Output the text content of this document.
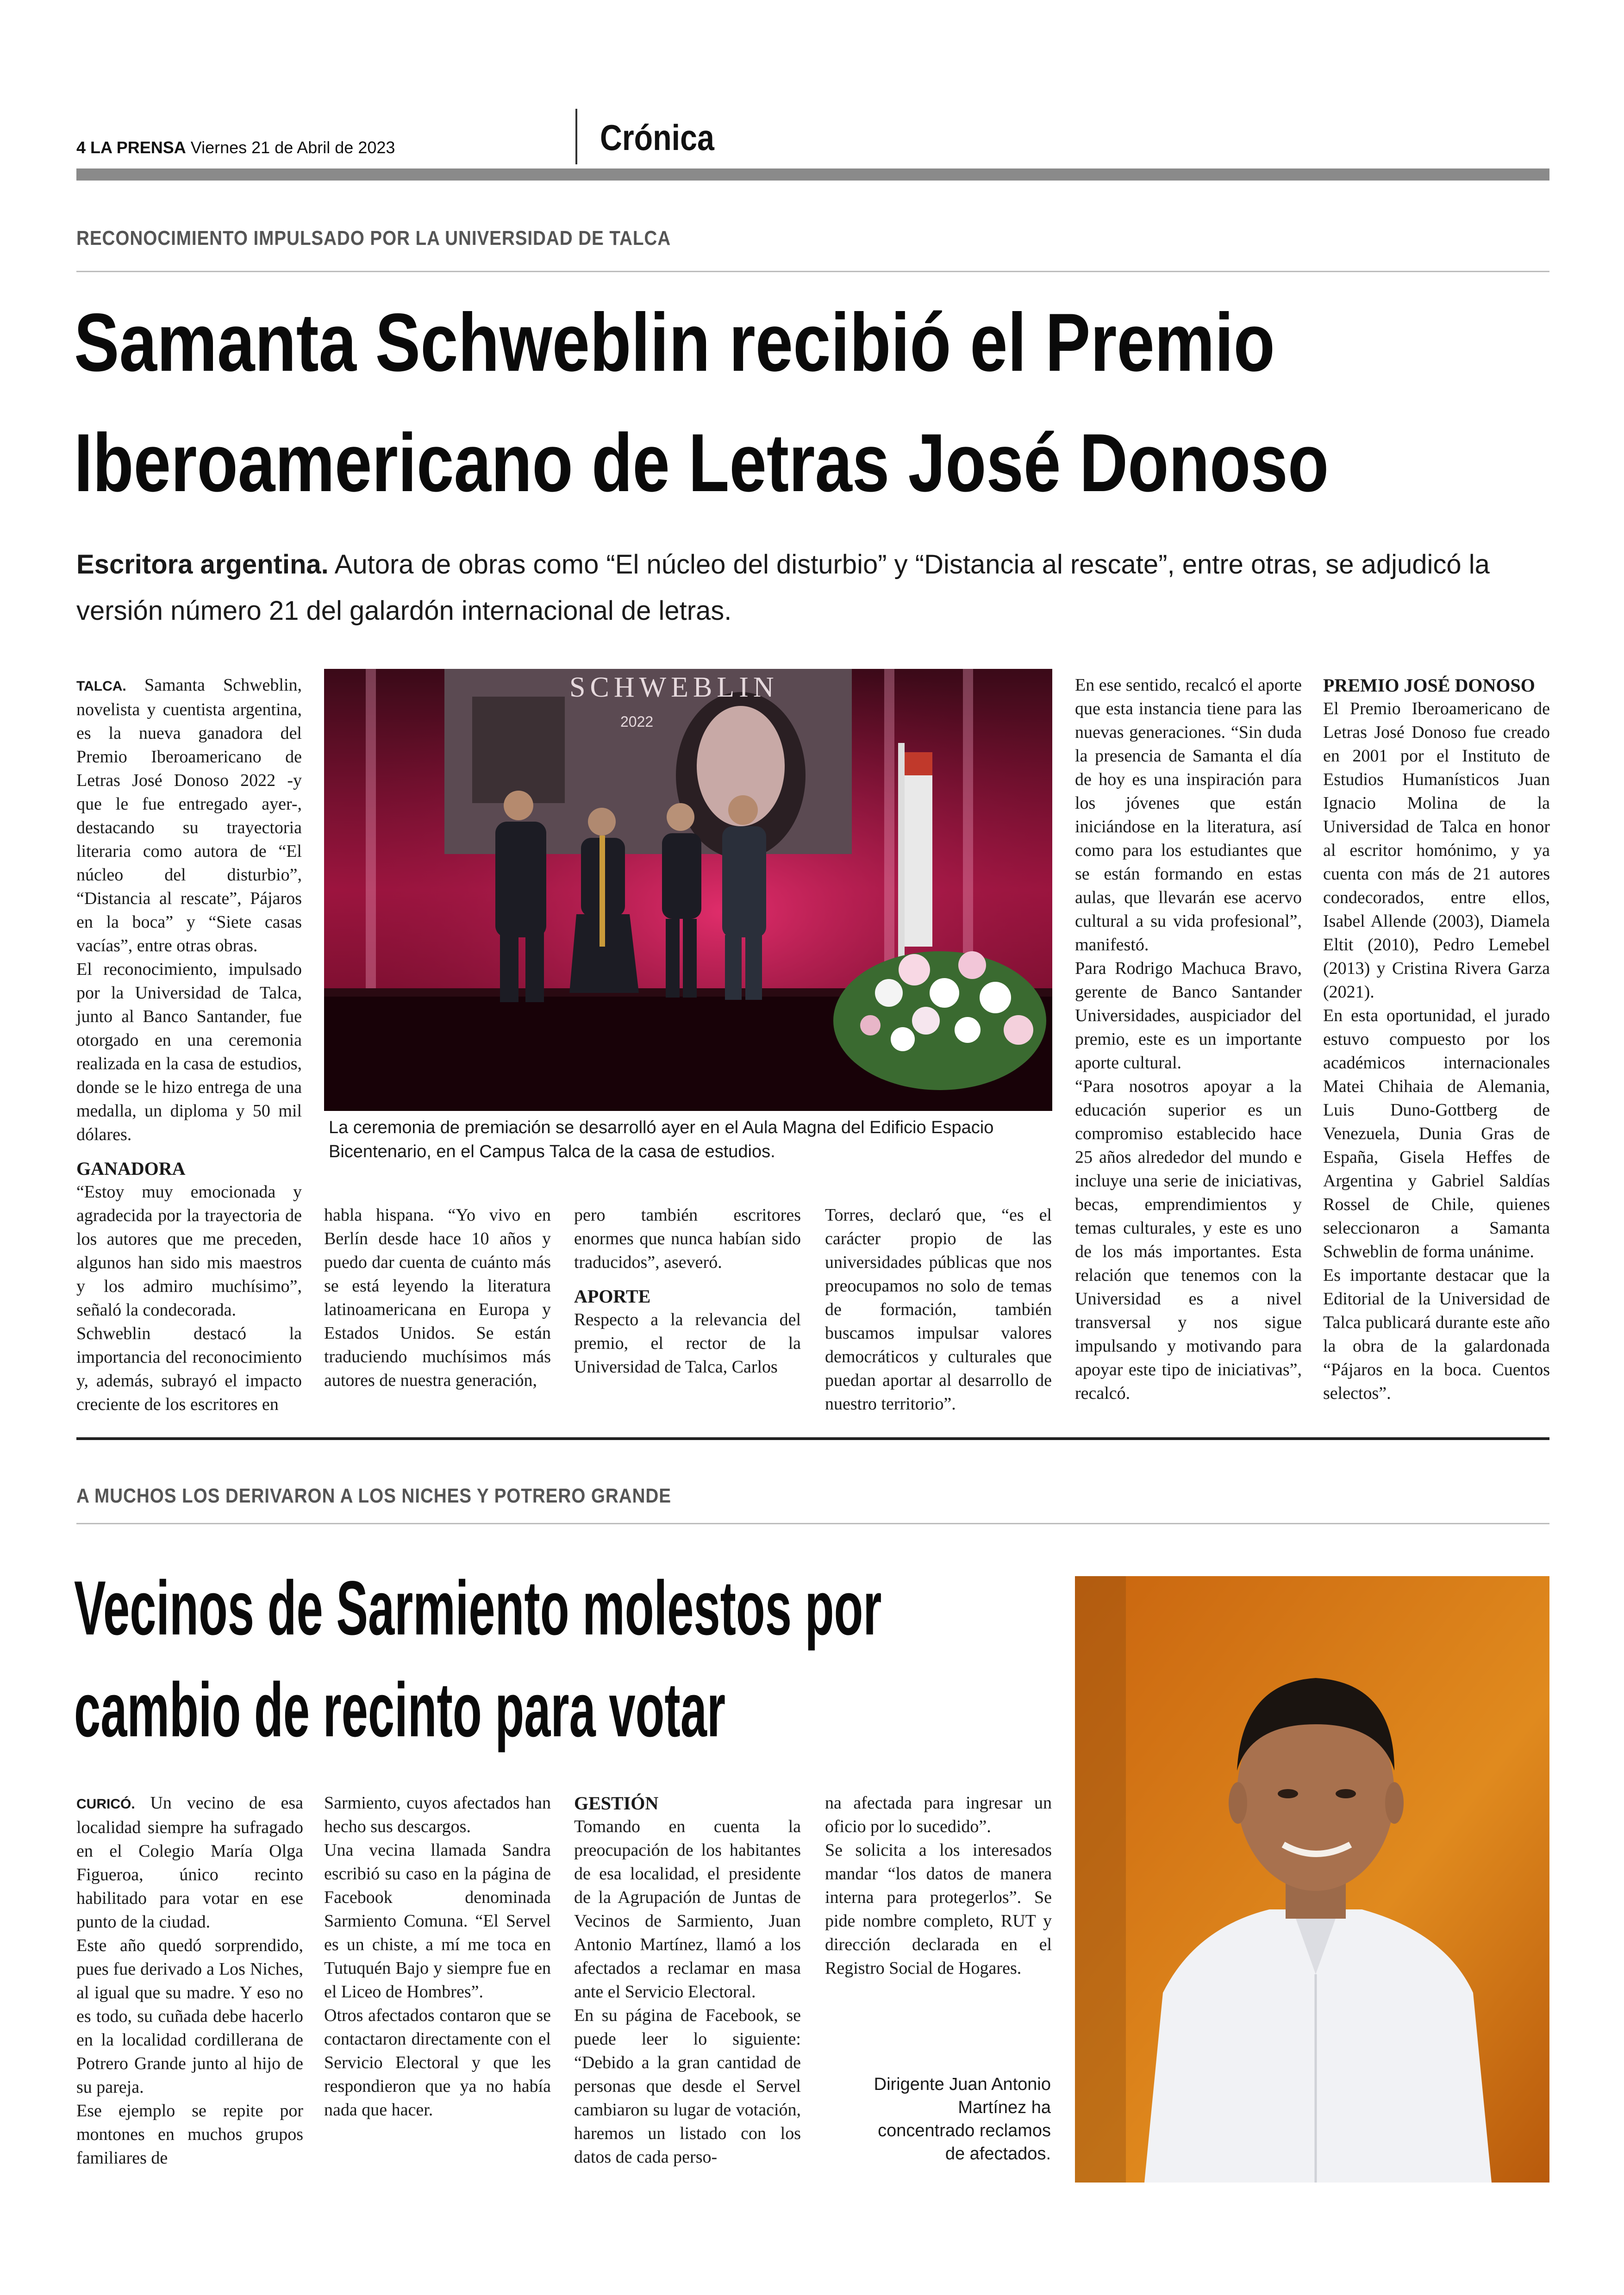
4 LA PRENSA Viernes 21 de Abril de 2023	Crónica
RECONOCIMIENTO IMPULSADO POR LA UNIVERSIDAD DE TALCA
Samanta Schweblin recibió el Premio
Iberoamericano de Letras José Donoso
Escritora argentina. Autora de obras como “El núcleo del disturbio” y “Distancia al rescate”, entre otras, se adjudicó la versión número 21 del galardón internacional de letras.

TALCA. Samanta Schweblin, novelista y cuentista argentina, es la nueva ganadora del Premio Iberoamericano de Letras José Donoso 2022 -y que le fue entregado ayer-, destacando su trayectoria literaria como autora de “El núcleo del disturbio”, “Distancia al rescate”, Pájaros en la boca” y “Siete casas vacías”, entre otras obras.

El reconocimiento, impulsado por la Universidad de Talca, junto al Banco Santander, fue otorgado en una ceremonia realizada en la casa de estudios, donde se le hizo entrega de una medalla, un diploma y 50 mil dólares.

GANADORA

“Estoy muy emocionada y agradecida por la trayectoria de los autores que me preceden, algunos han sido mis maestros y los admiro muchísimo”, señaló la condecorada.

Schweblin destacó la importancia del reconocimiento y, además, subrayó el impacto creciente de los escritores en

SCHWEBLIN
2022
La ceremonia de premiación se desarrolló ayer en el Aula Magna del Edificio Espacio Bicentenario, en el Campus Talca de la casa de estudios.

habla hispana. “Yo vivo en Berlín desde hace 10 años y puedo dar cuenta de cuánto más se está leyendo la literatura latinoamericana en Europa y Estados Unidos. Se están traduciendo muchísimos más autores de nuestra generación,

pero también escritores enormes que nunca habían sido traducidos”, aseveró.

APORTE

Respecto a la relevancia del premio, el rector de la Universidad de Talca, Carlos

Torres, declaró que, “es el carácter propio de las universidades públicas que nos preocupamos no solo de temas de formación, también buscamos impulsar valores democráticos y culturales que puedan aportar al desarrollo de nuestro territorio”.

En ese sentido, recalcó el aporte que esta instancia tiene para las nuevas generaciones. “Sin duda la presencia de Samanta el día de hoy es una inspiración para los jóvenes que están iniciándose en la literatura, así como para los estudiantes que se están formando en estas aulas, que llevarán ese acervo cultural a su vida profesional”, manifestó.

Para Rodrigo Machuca Bravo, gerente de Banco Santander Universidades, auspiciador del premio, este es un importante aporte cultural.

“Para nosotros apoyar a la educación superior es un compromiso establecido hace 25 años alrededor del mundo e incluye una serie de iniciativas, becas, emprendimientos y temas culturales, y este es uno de los más importantes. Esta relación que tenemos con la Universidad es a nivel transversal y nos sigue impulsando y motivando para apoyar este tipo de iniciativas”, recalcó.

PREMIO JOSÉ DONOSO

El Premio Iberoamericano de Letras José Donoso fue creado en 2001 por el Instituto de Estudios Humanísticos Juan Ignacio Molina de la Universidad de Talca en honor al escritor homónimo, y ya cuenta con más de 21 autores condecorados, entre ellos, Isabel Allende (2003), Diamela Eltit (2010), Pedro Lemebel (2013) y Cristina Rivera Garza (2021).

En esta oportunidad, el jurado estuvo compuesto por los académicos internacionales Matei Chihaia de Alemania, Luis Duno-Gottberg de Venezuela, Dunia Gras de España, Gisela Heffes de Argentina y Gabriel Saldías Rossel de Chile, quienes seleccionaron a Samanta Schweblin de forma unánime.

Es importante destacar que la Editorial de la Universidad de Talca publicará durante este año la obra de la galardonada “Pájaros en la boca. Cuentos selectos”.

A MUCHOS LOS DERIVARON A LOS NICHES Y POTRERO GRANDE
Vecinos de Sarmiento molestos por
cambio de recinto para votar

CURICÓ. Un vecino de esa localidad siempre ha sufragado en el Colegio María Olga Figueroa, único recinto habilitado para votar en ese punto de la ciudad.

Este año quedó sorprendido, pues fue derivado a Los Niches, al igual que su madre. Y eso no es todo, su cuñada debe hacerlo en la localidad cordillerana de Potrero Grande junto al hijo de su pareja.

Ese ejemplo se repite por montones en muchos grupos familiares de

Sarmiento, cuyos afectados han hecho sus descargos.

Una vecina llamada Sandra escribió su caso en la página de Facebook denominada Sarmiento Comuna. “El Servel es un chiste, a mí me toca en Tutuquén Bajo y siempre fue en el Liceo de Hombres”.

Otros afectados contaron que se contactaron directamente con el Servicio Electoral y que les respondieron que ya no había nada que hacer.

GESTIÓN

Tomando en cuenta la preocupación de los habitantes de esa localidad, el presidente de la Agrupación de Juntas de Vecinos de Sarmiento, Juan Antonio Martínez, llamó a los afectados a reclamar en masa ante el Servicio Electoral.

En su página de Facebook, se puede leer lo siguiente: “Debido a la gran cantidad de personas que desde el Servel cambiaron su lugar de votación, haremos un listado con los datos de cada perso-

na afectada para ingresar un oficio por lo sucedido”.

Se solicita a los interesados mandar “los datos de manera interna para protegerlos”. Se pide nombre completo, RUT y dirección declarada en el Registro Social de Hogares.

Dirigente Juan Antonio Martínez ha concentrado reclamos de afectados.
